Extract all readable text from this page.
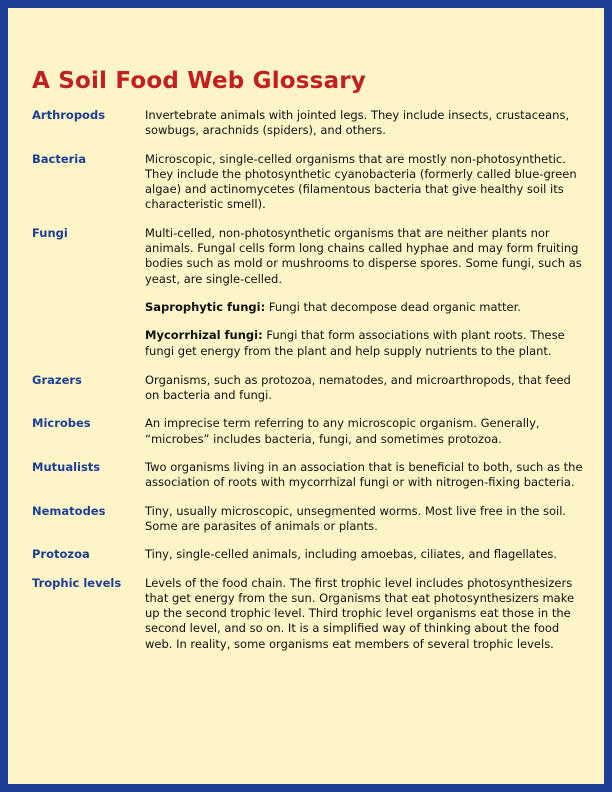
A Soil Food Web Glossary
Arthropods	Invertebrate animals with jointed legs. They include insects, crustaceans, sowbugs, arachnids (spiders), and others.
Bacteria	Microscopic, single-celled organisms that are mostly non-photosynthetic. They include the photosynthetic cyanobacteria (formerly called blue-green algae) and actinomycetes (filamentous bacteria that give healthy soil its characteristic smell).
Fungi	Multi-celled, non-photosynthetic organisms that are neither plants nor animals. Fungal cells form long chains called hyphae and may form fruiting bodies such as mold or mushrooms to disperse spores. Some fungi, such as yeast, are single-celled.
Saprophytic fungi: Fungi that decompose dead organic matter.
Mycorrhizal fungi: Fungi that form associations with plant roots. These fungi get energy from the plant and help supply nutrients to the plant.
Grazers	Organisms, such as protozoa, nematodes, and microarthropods, that feed on bacteria and fungi.
Microbes	An imprecise term referring to any microscopic organism. Generally, “microbes” includes bacteria, fungi, and sometimes protozoa.
Mutualists	Two organisms living in an association that is beneficial to both, such as the association of roots with mycorrhizal fungi or with nitrogen-fixing bacteria.
Nematodes	Tiny, usually microscopic, unsegmented worms. Most live free in the soil. Some are parasites of animals or plants.
Protozoa	Tiny, single-celled animals, including amoebas, ciliates, and flagellates.
Trophic levels	Levels of the food chain. The first trophic level includes photosynthesizers that get energy from the sun. Organisms that eat photosynthesizers make up the second trophic level. Third trophic level organisms eat those in the second level, and so on. It is a simplified way of thinking about the food web. In reality, some organisms eat members of several trophic levels.
